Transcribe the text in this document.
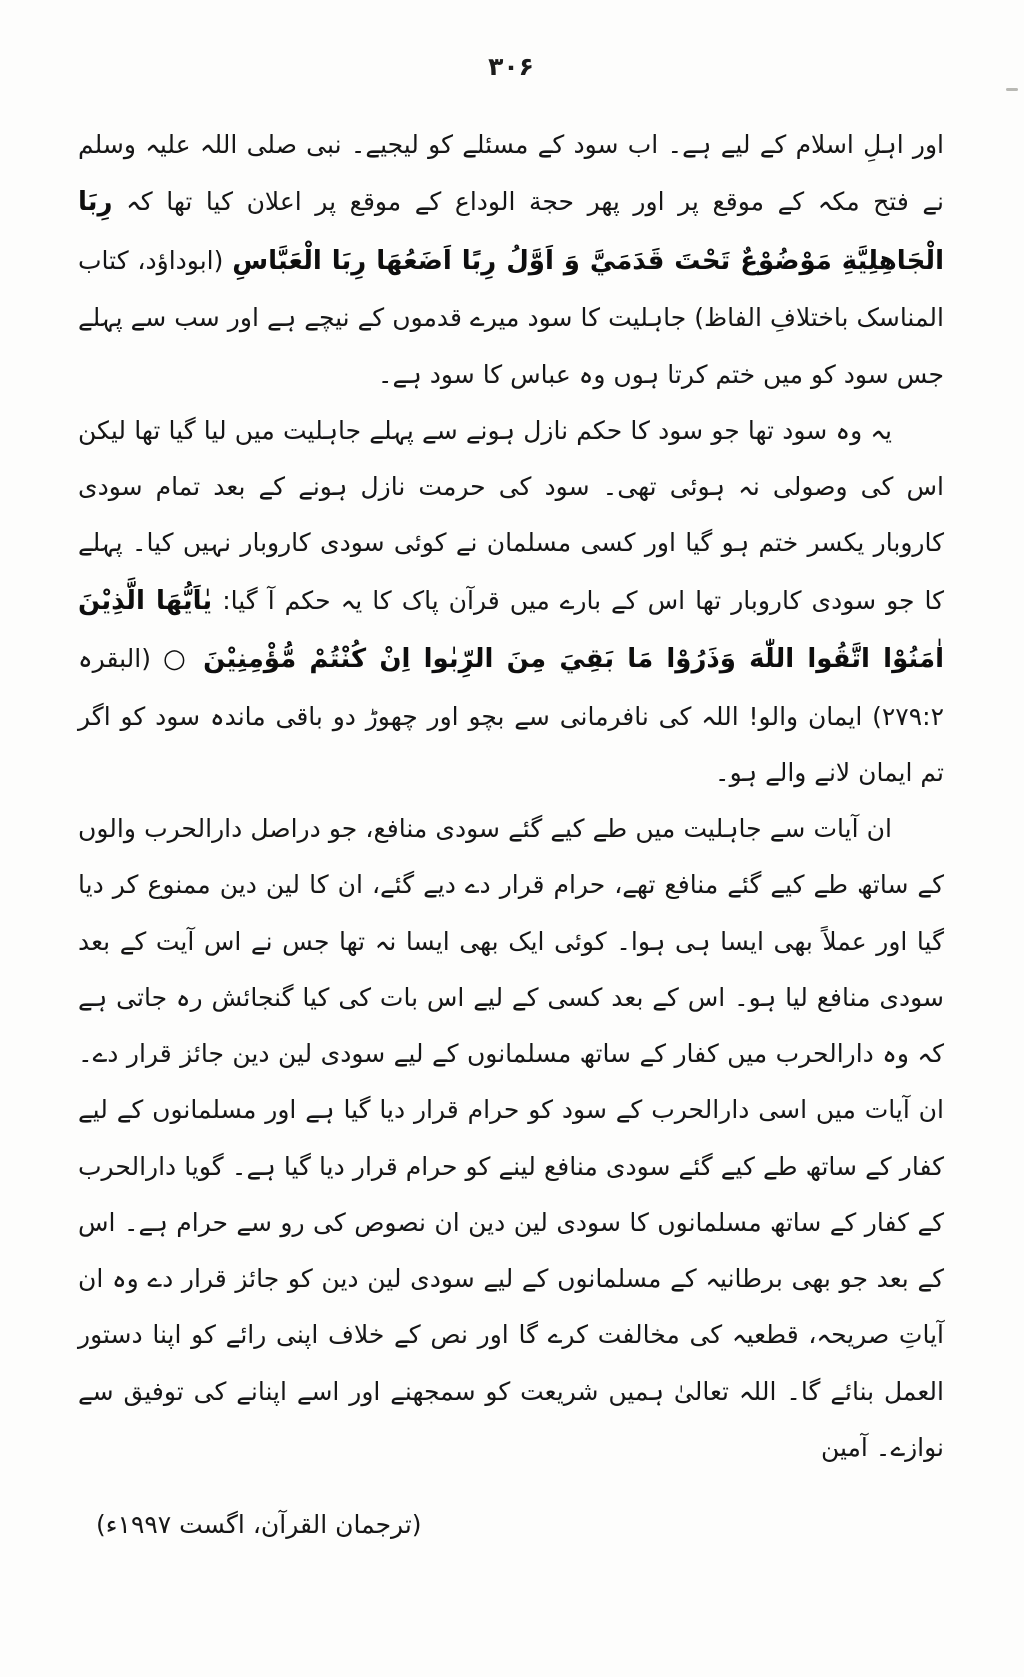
۳۰۶

اور اہلِ اسلام کے لیے ہے۔ اب سود کے مسئلے کو لیجیے۔ نبی صلی اللہ علیہ وسلم نے فتح مکہ کے موقع پر اور پھر حجة الوداع کے موقع پر اعلان کیا تھا کہ رِبَا الْجَاهِلِيَّةِ مَوْضُوْعٌ تَحْتَ قَدَمَيَّ وَ اَوَّلُ رِبًا اَضَعُهَا رِبَا الْعَبَّاسِ (ابوداؤد، کتاب المناسک باختلافِ الفاظ) جاہلیت کا سود میرے قدموں کے نیچے ہے اور سب سے پہلے جس سود کو میں ختم کرتا ہوں وہ عباس کا سود ہے۔

یہ وہ سود تھا جو سود کا حکم نازل ہونے سے پہلے جاہلیت میں لیا گیا تھا لیکن اس کی وصولی نہ ہوئی تھی۔ سود کی حرمت نازل ہونے کے بعد تمام سودی کاروبار یکسر ختم ہو گیا اور کسی مسلمان نے کوئی سودی کاروبار نہیں کیا۔ پہلے کا جو سودی کاروبار تھا اس کے بارے میں قرآن پاک کا یہ حکم آ گیا: يٰاَيُّهَا الَّذِيْنَ اٰمَنُوْا اتَّقُوا اللّٰهَ وَذَرُوْا مَا بَقِيَ مِنَ الرِّبٰوا اِنْ كُنْتُمْ مُّؤْمِنِيْنَ ○ (البقرہ ۲۷۹:۲) ایمان والو! اللہ کی نافرمانی سے بچو اور چھوڑ دو باقی ماندہ سود کو اگر تم ایمان لانے والے ہو۔

ان آیات سے جاہلیت میں طے کیے گئے سودی منافع، جو دراصل دارالحرب والوں کے ساتھ طے کیے گئے منافع تھے، حرام قرار دے دیے گئے، ان کا لین دین ممنوع کر دیا گیا اور عملاً بھی ایسا ہی ہوا۔ کوئی ایک بھی ایسا نہ تھا جس نے اس آیت کے بعد سودی منافع لیا ہو۔ اس کے بعد کسی کے لیے اس بات کی کیا گنجائش رہ جاتی ہے کہ وہ دارالحرب میں کفار کے ساتھ مسلمانوں کے لیے سودی لین دین جائز قرار دے۔ ان آیات میں اسی دارالحرب کے سود کو حرام قرار دیا گیا ہے اور مسلمانوں کے لیے کفار کے ساتھ طے کیے گئے سودی منافع لینے کو حرام قرار دیا گیا ہے۔ گویا دارالحرب کے کفار کے ساتھ مسلمانوں کا سودی لین دین ان نصوص کی رو سے حرام ہے۔ اس کے بعد جو بھی برطانیہ کے مسلمانوں کے لیے سودی لین دین کو جائز قرار دے وہ ان آیاتِ صریحہ، قطعیہ کی مخالفت کرے گا اور نص کے خلاف اپنی رائے کو اپنا دستور العمل بنائے گا۔ اللہ تعالیٰ ہمیں شریعت کو سمجھنے اور اسے اپنانے کی توفیق سے نوازے۔ آمین

(ترجمان القرآن، اگست ۱۹۹۷ء)
